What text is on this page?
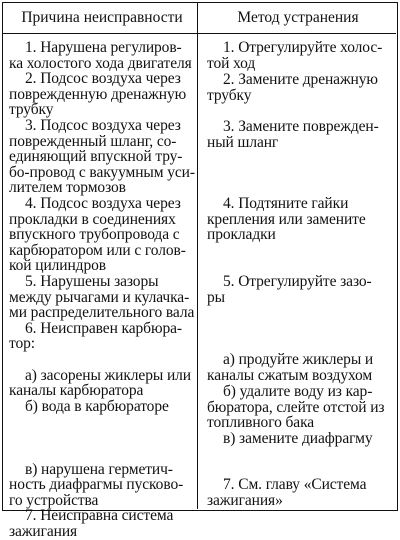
Причина неисправности	Метод устранения
1. Нарушена регулиров-
ка холостого хода двигателя
2. Подсос воздуха через
поврежденную дренажную
трубку
3. Подсос воздуха через
поврежденный шланг, со-
единяющий впускной тру-
бо-провод с вакуумным уси-
лителем тормозов
4. Подсос воздуха через
прокладки в соединениях
впускного трубопровода с
карбюратором или с голов-
кой цилиндров
5. Нарушены зазоры
между рычагами и кулачка-
ми распределительного вала
6. Неисправен карбюра-
тор:
а) засорены жиклеры или
каналы карбюратора
б) вода в карбюраторе
в) нарушена герметич-
ность диафрагмы пусково-
го устройства
7. Неисправна система
зажигания
1. Отрегулируйте холос-
той ход
2. Замените дренажную
трубку
3. Замените поврежден-
ный шланг
4. Подтяните гайки
крепления или замените
прокладки
5. Отрегулируйте зазо-
ры
а) продуйте жиклеры и
каналы сжатым воздухом
б) удалите воду из кар-
бюратора, слейте отстой из
топливного бака
в) замените диафрагму
7. См. главу «Система
зажигания»
